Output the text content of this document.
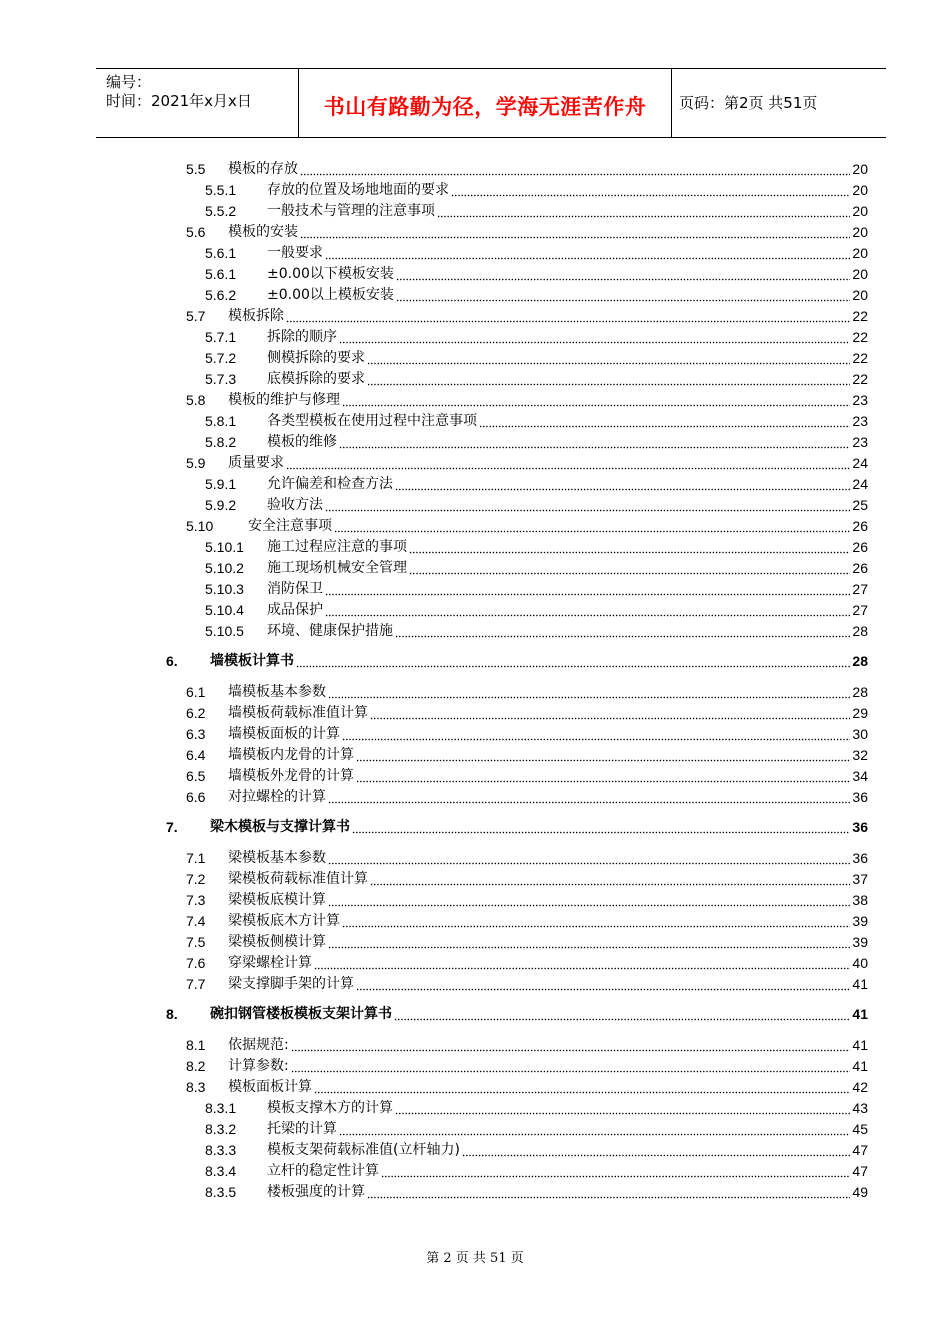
编号：
时间：2021年x月x日	书山有路勤为径，学海无涯苦作舟	页码：第2页 共51页
5.5	模板的存放	20
5.5.1	存放的位置及场地地面的要求	20
5.5.2	一般技术与管理的注意事项	20
5.6	模板的安装	20
5.6.1	一般要求	20
5.6.1	±0.00以下模板安装	20
5.6.2	±0.00以上模板安装	20
5.7	模板拆除	22
5.7.1	拆除的顺序	22
5.7.2	侧模拆除的要求	22
5.7.3	底模拆除的要求	22
5.8	模板的维护与修理	23
5.8.1	各类型模板在使用过程中注意事项	23
5.8.2	模板的维修	23
5.9	质量要求	24
5.9.1	允许偏差和检查方法	24
5.9.2	验收方法	25
5.10	安全注意事项	26
5.10.1	施工过程应注意的事项	26
5.10.2	施工现场机械安全管理	26
5.10.3	消防保卫	27
5.10.4	成品保护	27
5.10.5	环境、健康保护措施	28
6.	墙模板计算书	28
6.1	墙模板基本参数	28
6.2	墙模板荷载标准值计算	29
6.3	墙模板面板的计算	30
6.4	墙模板内龙骨的计算	32
6.5	墙模板外龙骨的计算	34
6.6	对拉螺栓的计算	36
7.	梁木模板与支撑计算书	36
7.1	梁模板基本参数	36
7.2	梁模板荷载标准值计算	37
7.3	梁模板底模计算	38
7.4	梁模板底木方计算	39
7.5	梁模板侧模计算	39
7.6	穿梁螺栓计算	40
7.7	梁支撑脚手架的计算	41
8.	碗扣钢管楼板模板支架计算书	41
8.1	依据规范:	41
8.2	计算参数:	41
8.3	模板面板计算	42
8.3.1	模板支撑木方的计算	43
8.3.2	托梁的计算	45
8.3.3	模板支架荷载标准值(立杆轴力)	47
8.3.4	立杆的稳定性计算	47
8.3.5	楼板强度的计算	49
第 2 页 共 51 页
